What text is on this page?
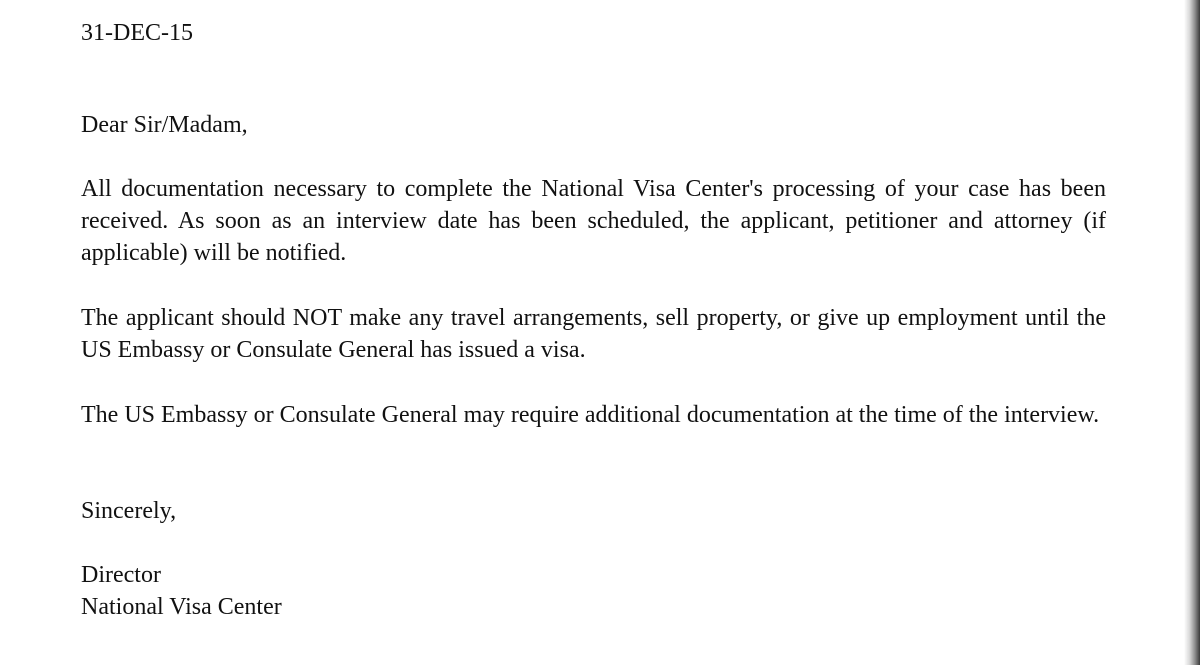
31-DEC-15

Dear Sir/Madam,

All documentation necessary to complete the National Visa Center's processing of your case has been received. As soon as an interview date has been scheduled, the applicant, petitioner and attorney (if applicable) will be notified.

The applicant should NOT make any travel arrangements, sell property, or give up employment until the US Embassy or Consulate General has issued a visa.

The US Embassy or Consulate General may require additional documentation at the time of the interview.

Sincerely,

Director
National Visa Center
